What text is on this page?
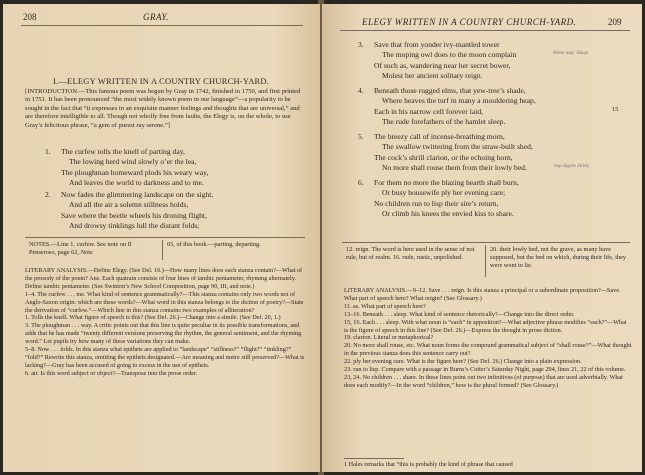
208	GRAY.
I.—ELEGY WRITTEN IN A COUNTRY CHURCH-YARD.
[INTRODUCTION.—This famous poem was begun by Gray in 1742, finished in 1750, and first printed in 1751. It has been pronounced “the most widely known poem in our language”—a popularity to be sought in the fact that “it expresses in an exquisite manner feelings and thoughts that are universal,” and are therefore intelligible to all. Though not wholly free from faults, the Elegy is, on the whole, to use Gray’s felicitous phrase, “a gem of purest ray serene.”]
1. The curfew tolls the knell of parting day,
The lowing herd wind slowly o’er the lea,
The ploughman homeward plods his weary way,
And leaves the world to darkness and to me.
2. Now fades the glimmering landscape on the sight,
And all the air a solemn stillness holds,
Save where the beetle wheels his droning flight,
And drowsy tinklings lull the distant folds;
NOTES.—Line 1. curfew. See note on Il Penseroso, page 62, Note
65, of this book.—parting, departing.

LITERARY ANALYSIS.—Define Elegy. (See Del. 10.)—How many lines does each stanza contain?—What of the prosody of the poem? Ans. Each quatrain consists of four lines of iambic pentameter, rhyming alternately. Define iambic pentameter. (See Swinton’s New School Composition, page 90, III, and note.)

1–4. The curfew . . . me. What kind of sentence grammatically?—This stanza contains only two words not of Anglo-Saxon origin: which are these words?—What word in this stanza belongs to the diction of poetry?—State the derivation of “curfew.”—Which line in this stanza contains two examples of alliteration?

1. Tolls the knell. What figure of speech is this? (See Def. 26.)—Change into a simile. (See Def. 20, 1.)

3. The ploughman . . . way. A critic points out that this line is quite peculiar in its possible transformations, and adds that he has made “twenty different versions preserving the rhythm, the general sentiment, and the rhyming word.” Let pupils try how many of these variations they can make.

5–8. Now . . . folds. In this stanza what epithets are applied to “landscape” “stillness?” “flight?” “tinkling?” “fold?” Rewrite this stanza, omitting the epithets designated.—Are meaning and metre still preserved?—What is lacking?—Gray has been accused of going to excess in the use of epithets.

6. air. Is this word subject or object?—Transpose into the prose order.

ELEGY WRITTEN IN A COUNTRY CHURCH-YARD.	209
3. Save that from yonder ivy-mantled tower
The moping owl does to the moon complain
Of such as, wandering near her secret bower,
Molest her ancient solitary reign.
θέσει παρ' ὕδωρ
4. Beneath those rugged elms, that yew-tree’s shade,
Where heaves the turf in many a mouldering heap,
Each in his narrow cell forever laid,
The rude forefathers of the hamlet sleep.
15
5. The breezy call of incense-breathing morn,
The swallow twittering from the straw-built shed,
The cock’s shrill clarion, or the echoing horn,
No more shall rouse them from their lowly bed.	πυρ ἀγρὸν έκτός
6. For them no more the blazing hearth shall burn,
Or busy housewife ply her evening care;
No children run to lisp their sire’s return,
Or climb his knees the envied kiss to share.
12. reign. The word is here used in the sense of not rule, but of realm. 16. rude, rustic, unpolished.
20. their lowly bed, not the grave, as many have supposed, but the bed on which, during their life, they were wont to lie.

LITERARY ANALYSIS.—9–12. Save . . . reign. Is this stanza a principal or a subordinate proposition?—Save. What part of speech here? What origin? (See Glossary.)

11. as. What part of speech here?

13–16. Beneath . . . sleep. What kind of sentence rhetorically?—Change into the direct order.

15, 16. Each . . . sleep. With what noun is “each” in apposition?—What adjective phrase modifies “each?”—What is the figure of speech in this line? (See Def. 26.)—Express the thought in prose diction.

19. clarion. Literal or metaphorical?

20. No more shall rouse, etc. What noun forms the compound grammatical subject of “shall rouse?”—What thought in the previous stanza does this sentence carry out?

22. ply her evening care. What is the figure here? (See Def. 26.) Change into a plain expression.

23. run to lisp. Compare with a passage in Burns’s Cotter’s Saturday Night, page 294, lines 21, 22 of this volume.

23, 24. No children . . . share. In these lines point out two infinitives (of purpose) that are used adverbially. What does each modify?—In the word “children,” how is the plural formed? (See Glossary.)

1 Hales remarks that “this is probably the kind of phrase that caused
